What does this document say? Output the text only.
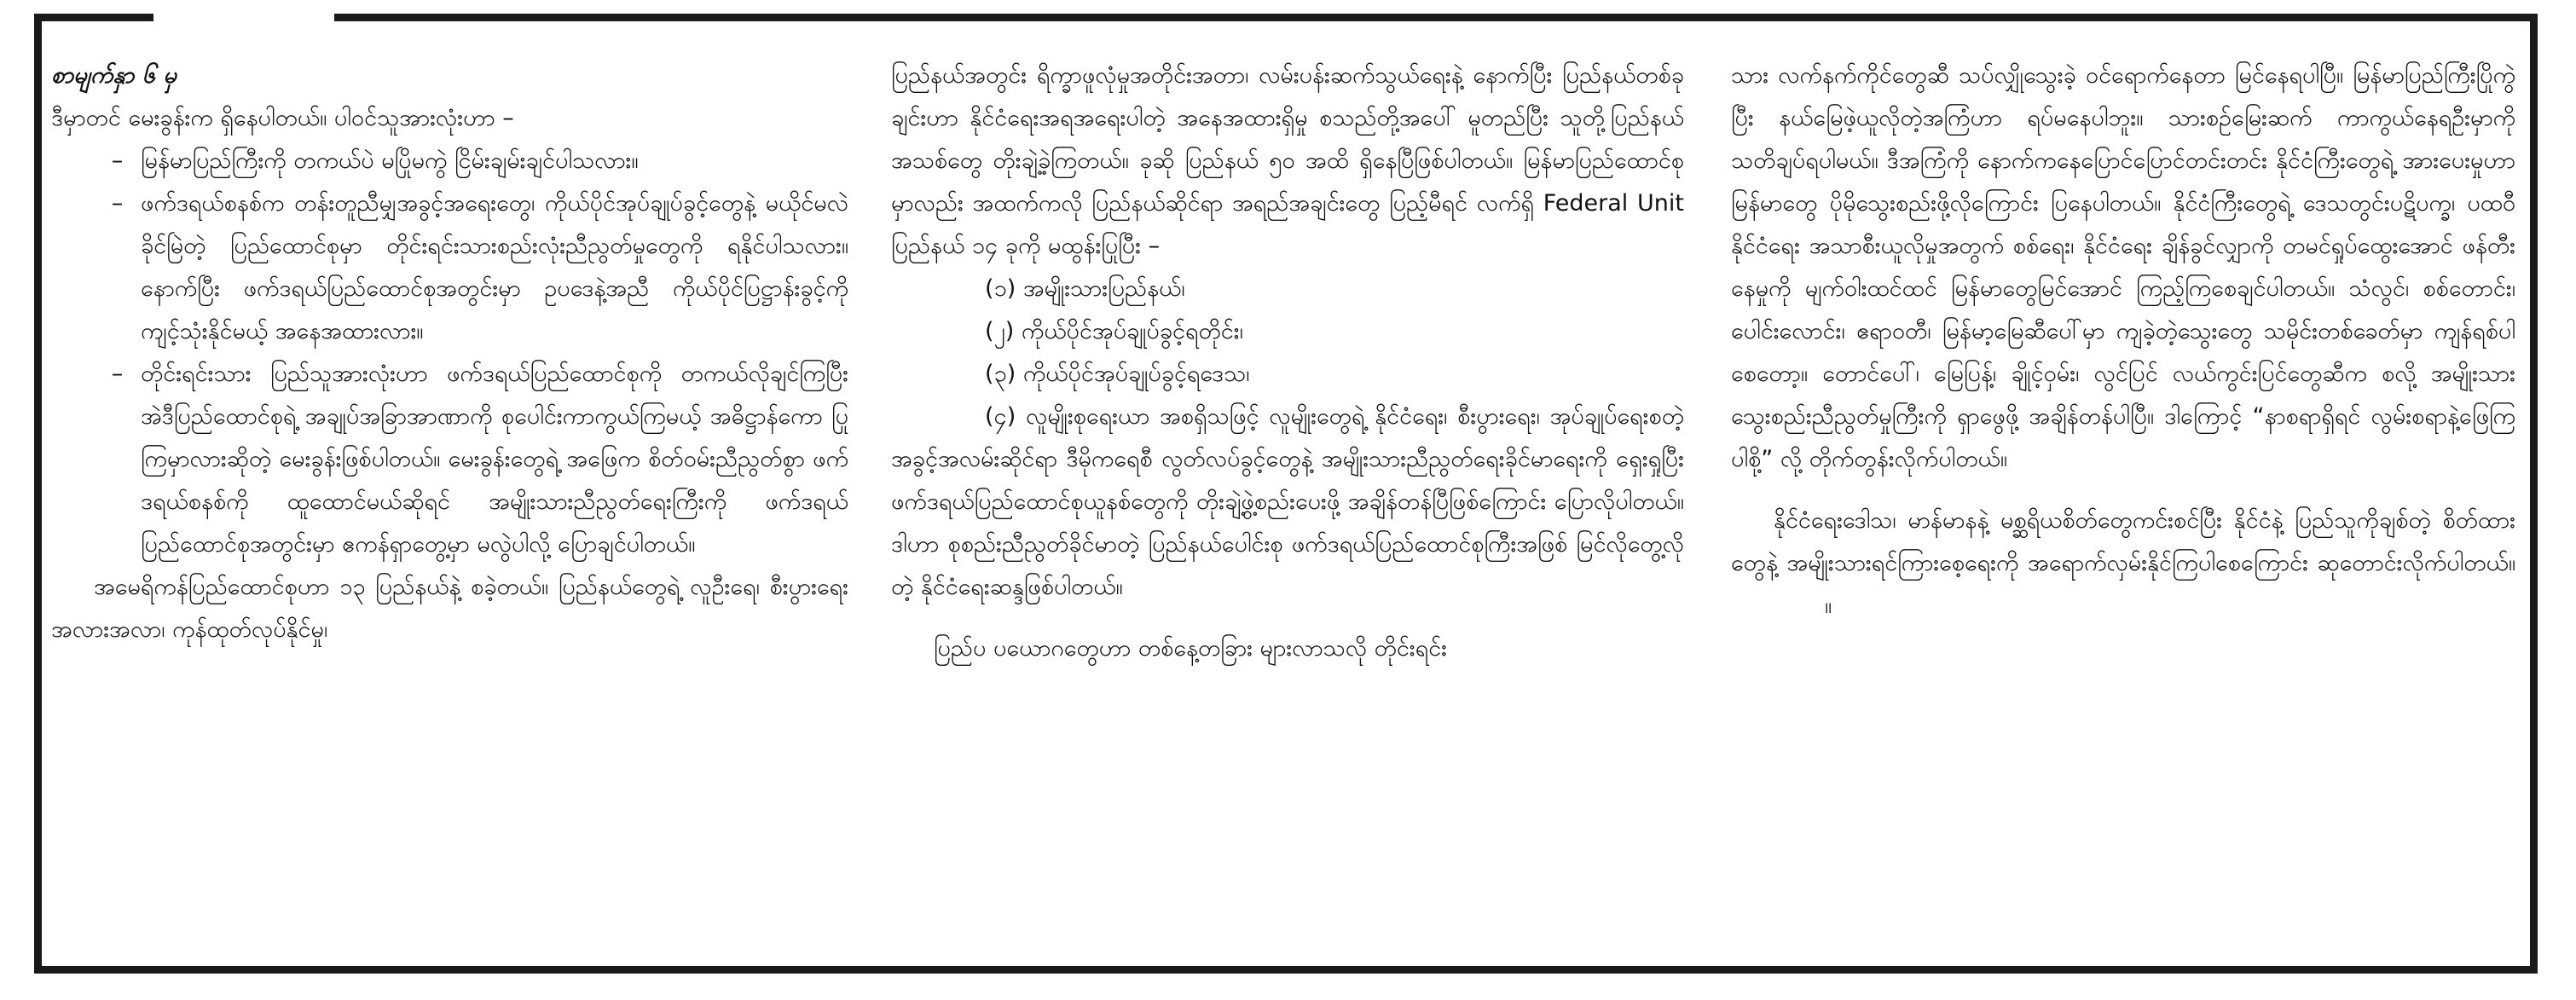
စာမျက်နှာ ၆ မှ

ဒီမှာတင် မေးခွန်းက ရှိနေပါတယ်။ ပါဝင်သူအားလုံးဟာ –

– မြန်မာပြည်ကြီးကို တကယ်ပဲ မပြိုမကွဲ ငြိမ်းချမ်းချင်ပါသလား။
– ဖက်ဒရယ်စနစ်က တန်းတူညီမျှအခွင့်အရေးတွေ၊ ကိုယ်ပိုင်အုပ်ချုပ်ခွင့်တွေနဲ့ မယိုင်မလဲခိုင်မြဲတဲ့ ပြည်ထောင်စုမှာ တိုင်းရင်းသားစည်းလုံးညီညွတ်မှုတွေကို ရနိုင်ပါသလား။ နောက်ပြီး ဖက်ဒရယ်ပြည်ထောင်စုအတွင်းမှာ ဥပဒေနဲ့အညီ ကိုယ်ပိုင်ပြဋ္ဌာန်းခွင့်ကို ကျင့်သုံးနိုင်မယ့် အနေအထားလား။
– တိုင်းရင်းသား ပြည်သူအားလုံးဟာ ဖက်ဒရယ်ပြည်ထောင်စုကို တကယ်လိုချင်ကြပြီး အဲဒီပြည်ထောင်စုရဲ့ အချုပ်အခြာအာဏာကို စုပေါင်းကာကွယ်ကြမယ့် အဓိဋ္ဌာန်ကော ပြုကြမှာလားဆိုတဲ့ မေးခွန်းဖြစ်ပါတယ်။ မေးခွန်းတွေရဲ့ အဖြေက စိတ်ဝမ်းညီညွတ်စွာ ဖက်ဒရယ်စနစ်ကို ထူထောင်မယ်ဆိုရင် အမျိုးသားညီညွတ်ရေးကြီးကို ဖက်ဒရယ်ပြည်ထောင်စုအတွင်းမှာ ဧကန်ရှာတွေ့မှာ မလွဲပါလို့ ပြောချင်ပါတယ်။

အမေရိကန်ပြည်ထောင်စုဟာ ၁၃ ပြည်နယ်နဲ့ စခဲ့တယ်။ ပြည်နယ်တွေရဲ့ လူဦးရေ၊ စီးပွားရေးအလားအလာ၊ ကုန်ထုတ်လုပ်နိုင်မှု၊

ပြည်နယ်အတွင်း ရိက္ခာဖူလုံမှုအတိုင်းအတာ၊ လမ်းပန်းဆက်သွယ်ရေးနဲ့ နောက်ပြီး ပြည်နယ်တစ်ခုချင်းဟာ နိုင်ငံရေးအရအရေးပါတဲ့ အနေအထားရှိမှု စသည်တို့အပေါ် မူတည်ပြီး သူတို့ပြည်နယ်အသစ်တွေ တိုးချဲ့ခဲ့ကြတယ်။ ခုဆို ပြည်နယ် ၅၀ အထိ ရှိနေပြီဖြစ်ပါတယ်။ မြန်မာပြည်ထောင်စုမှာလည်း အထက်ကလို ပြည်နယ်ဆိုင်ရာ အရည်အချင်းတွေ ပြည့်မီရင် လက်ရှိ Federal Unit ပြည်နယ် ၁၄ ခုကို မထွန်းပြုပြီး –

(၁) အမျိုးသားပြည်နယ်၊

(၂) ကိုယ်ပိုင်အုပ်ချုပ်ခွင့်ရတိုင်း၊

(၃) ကိုယ်ပိုင်အုပ်ချုပ်ခွင့်ရဒေသ၊

(၄) လူမျိုးစုရေးယာ အစရှိသဖြင့် လူမျိုးတွေရဲ့ နိုင်ငံရေး၊ စီးပွားရေး၊ အုပ်ချုပ်ရေးစတဲ့ အခွင့်အလမ်းဆိုင်ရာ ဒီမိုကရေစီ လွတ်လပ်ခွင့်တွေနဲ့ အမျိုးသားညီညွတ်ရေးခိုင်မာရေးကို ရှေးရှုပြီး ဖက်ဒရယ်ပြည်ထောင်စုယူနစ်တွေကို တိုးချဲ့ဖွဲ့စည်းပေးဖို့ အချိန်တန်ပြီဖြစ်ကြောင်း ပြောလိုပါတယ်။ ဒါဟာ စုစည်းညီညွတ်ခိုင်မာတဲ့ ပြည်နယ်ပေါင်းစု ဖက်ဒရယ်ပြည်ထောင်စုကြီးအဖြစ် မြင်လိုတွေ့လိုတဲ့ နိုင်ငံရေးဆန္ဒဖြစ်ပါတယ်။

ပြည်ပ ပယောဂတွေဟာ တစ်နေ့တခြား များလာသလို တိုင်းရင်း

သား လက်နက်ကိုင်တွေဆီ သပ်လျှိုသွေးခဲ့ ဝင်ရောက်နေတာ မြင်နေရပါပြီ။ မြန်မာပြည်ကြီးပြိုကွဲပြီး နယ်မြေဖဲ့ယူလိုတဲ့အကြံဟာ ရပ်မနေပါဘူး။ သားစဉ်မြေးဆက် ကာကွယ်နေရဦးမှာကို သတိချပ်ရပါမယ်။ ဒီအကြံကို နောက်ကနေပြောင်ပြောင်တင်းတင်း နိုင်ငံကြီးတွေရဲ့ အားပေးမှုဟာ မြန်မာတွေ ပိုမိုသွေးစည်းဖို့လိုကြောင်း ပြနေပါတယ်။ နိုင်ငံကြီးတွေရဲ့ ဒေသတွင်းပဋိပက္ခ၊ ပထဝီနိုင်ငံရေး အသာစီးယူလိုမှုအတွက် စစ်ရေး၊ နိုင်ငံရေး ချိန်ခွင်လျှာကို တမင်ရှုပ်ထွေးအောင် ဖန်တီးနေမှုကို မျက်ဝါးထင်ထင် မြန်မာတွေမြင်အောင် ကြည့်ကြစေချင်ပါတယ်။ သံလွင်၊ စစ်တောင်း၊ ပေါင်းလောင်း၊ ဧရာဝတီ၊ မြန်မာ့မြေဆီပေါ်မှာ ကျခဲ့တဲ့သွေးတွေ သမိုင်းတစ်ခေတ်မှာ ကျန်ရစ်ပါစေတော့။ တောင်ပေါ်၊ မြေပြန့်၊ ချိုင့်ဝှမ်း၊ လွင်ပြင် လယ်ကွင်းပြင်တွေဆီက စလို့ အမျိုးသားသွေးစည်းညီညွတ်မှုကြီးကို ရှာဖွေဖို့ အချိန်တန်ပါပြီ။ ဒါကြောင့် “နာစရာရှိရင် လွမ်းစရာနဲ့ဖြေကြပါစို့” လို့ တိုက်တွန်းလိုက်ပါတယ်။

နိုင်ငံရေးဒေါသ၊ မာန်မာနနဲ့ မစ္ဆရိယစိတ်တွေကင်းစင်ပြီး နိုင်ငံနဲ့ ပြည်သူကိုချစ်တဲ့ စိတ်ထားတွေနဲ့ အမျိုးသားရင်ကြားစေ့ရေးကို အရောက်လှမ်းနိုင်ကြပါစေကြောင်း ဆုတောင်းလိုက်ပါတယ်။။
